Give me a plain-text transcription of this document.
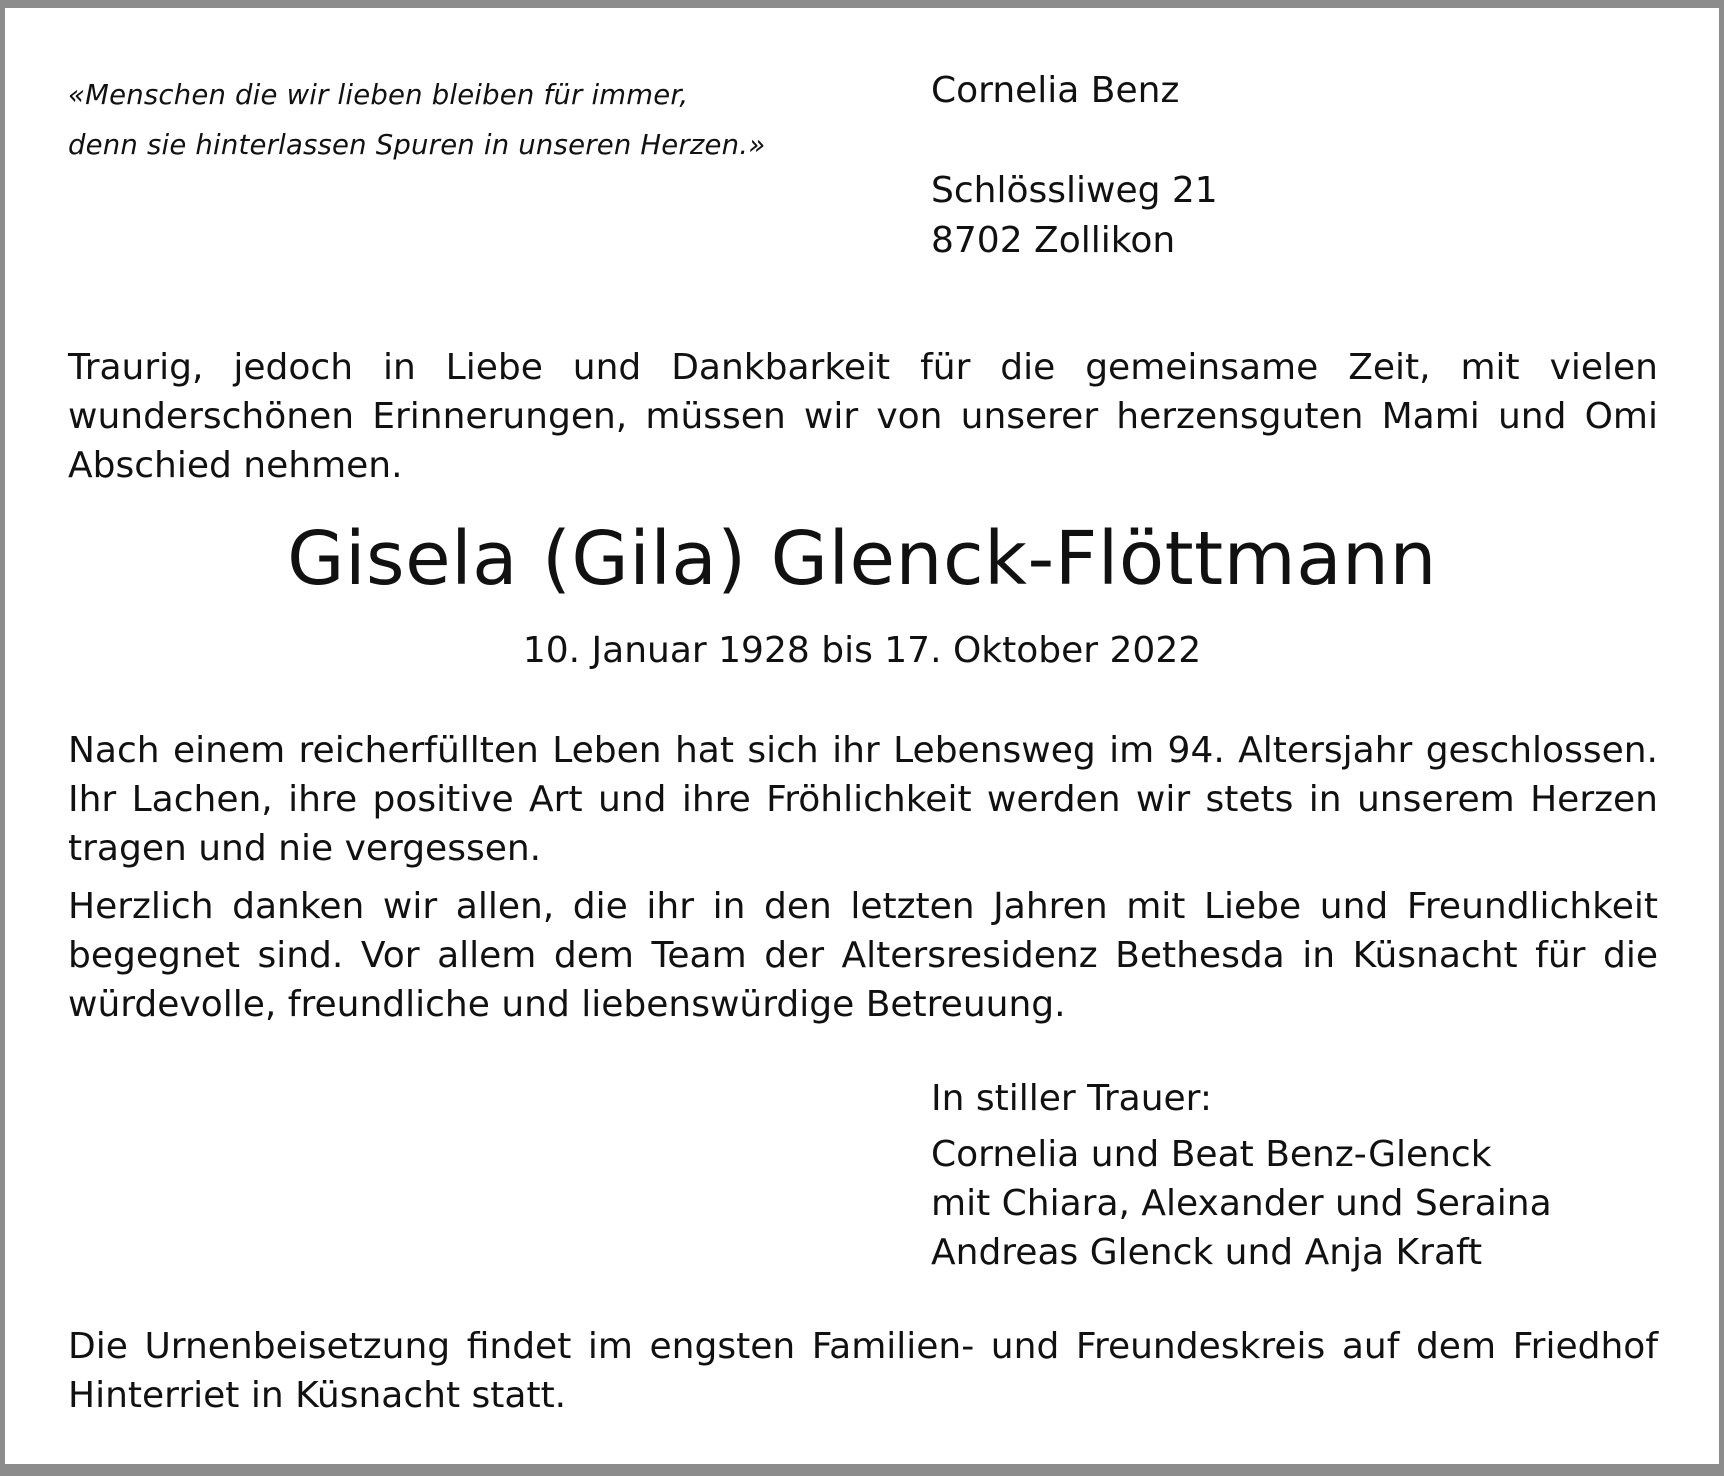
«Menschen die wir lieben bleiben für immer,
denn sie hinterlassen Spuren in unseren Herzen.»
Cornelia Benz
Schlössliweg 21
8702 Zollikon
Traurig, jedoch in Liebe und Dankbarkeit für die gemeinsame Zeit, mit vielen wunderschönen Erinnerungen, müssen wir von unserer herzensguten Mami und Omi Abschied nehmen.
Gisela (Gila) Glenck-Flöttmann
10. Januar 1928 bis 17. Oktober 2022
Nach einem reicherfüllten Leben hat sich ihr Lebensweg im 94. Altersjahr geschlossen. Ihr Lachen, ihre positive Art und ihre Fröhlichkeit werden wir stets in unserem Herzen tragen und nie vergessen.
Herzlich danken wir allen, die ihr in den letzten Jahren mit Liebe und Freundlichkeit begegnet sind. Vor allem dem Team der Altersresidenz Bethesda in Küsnacht für die würdevolle, freundliche und liebenswürdige Betreuung.
In stiller Trauer:
Cornelia und Beat Benz-Glenck
mit Chiara, Alexander und Seraina
Andreas Glenck und Anja Kraft
Die Urnenbeisetzung findet im engsten Familien- und Freundeskreis auf dem Friedhof Hinterriet in Küsnacht statt.
